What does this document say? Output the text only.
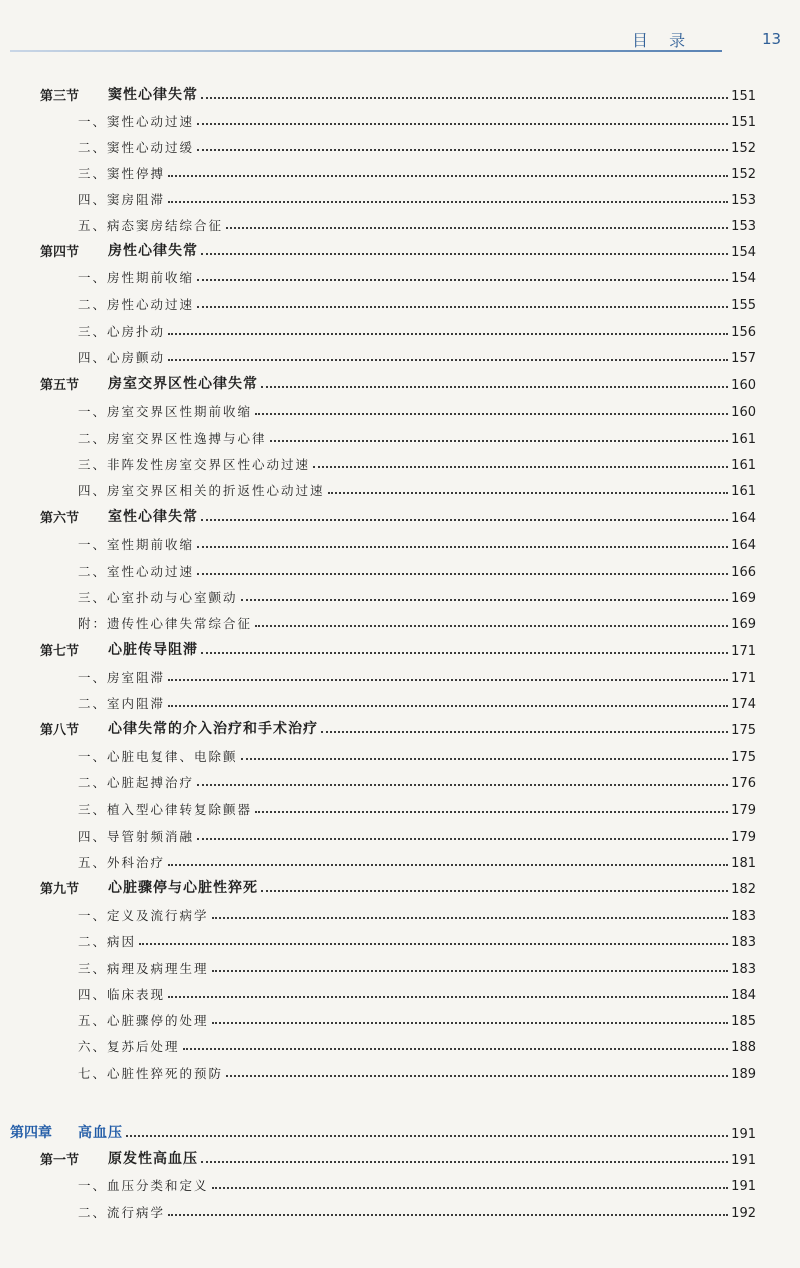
目 录	13
第三节	窦性心律失常	151
一、窦性心动过速	151
二、窦性心动过缓	152
三、窦性停搏	152
四、窦房阻滞	153
五、病态窦房结综合征	153
第四节	房性心律失常	154
一、房性期前收缩	154
二、房性心动过速	155
三、心房扑动	156
四、心房颤动	157
第五节	房室交界区性心律失常	160
一、房室交界区性期前收缩	160
二、房室交界区性逸搏与心律	161
三、非阵发性房室交界区性心动过速	161
四、房室交界区相关的折返性心动过速	161
第六节	室性心律失常	164
一、室性期前收缩	164
二、室性心动过速	166
三、心室扑动与心室颤动	169
附：遗传性心律失常综合征	169
第七节	心脏传导阻滞	171
一、房室阻滞	171
二、室内阻滞	174
第八节	心律失常的介入治疗和手术治疗	175
一、心脏电复律、电除颤	175
二、心脏起搏治疗	176
三、植入型心律转复除颤器	179
四、导管射频消融	179
五、外科治疗	181
第九节	心脏骤停与心脏性猝死	182
一、定义及流行病学	183
二、病因	183
三、病理及病理生理	183
四、临床表现	184
五、心脏骤停的处理	185
六、复苏后处理	188
七、心脏性猝死的预防	189
第四章	高血压	191
第一节	原发性高血压	191
一、血压分类和定义	191
二、流行病学	192
